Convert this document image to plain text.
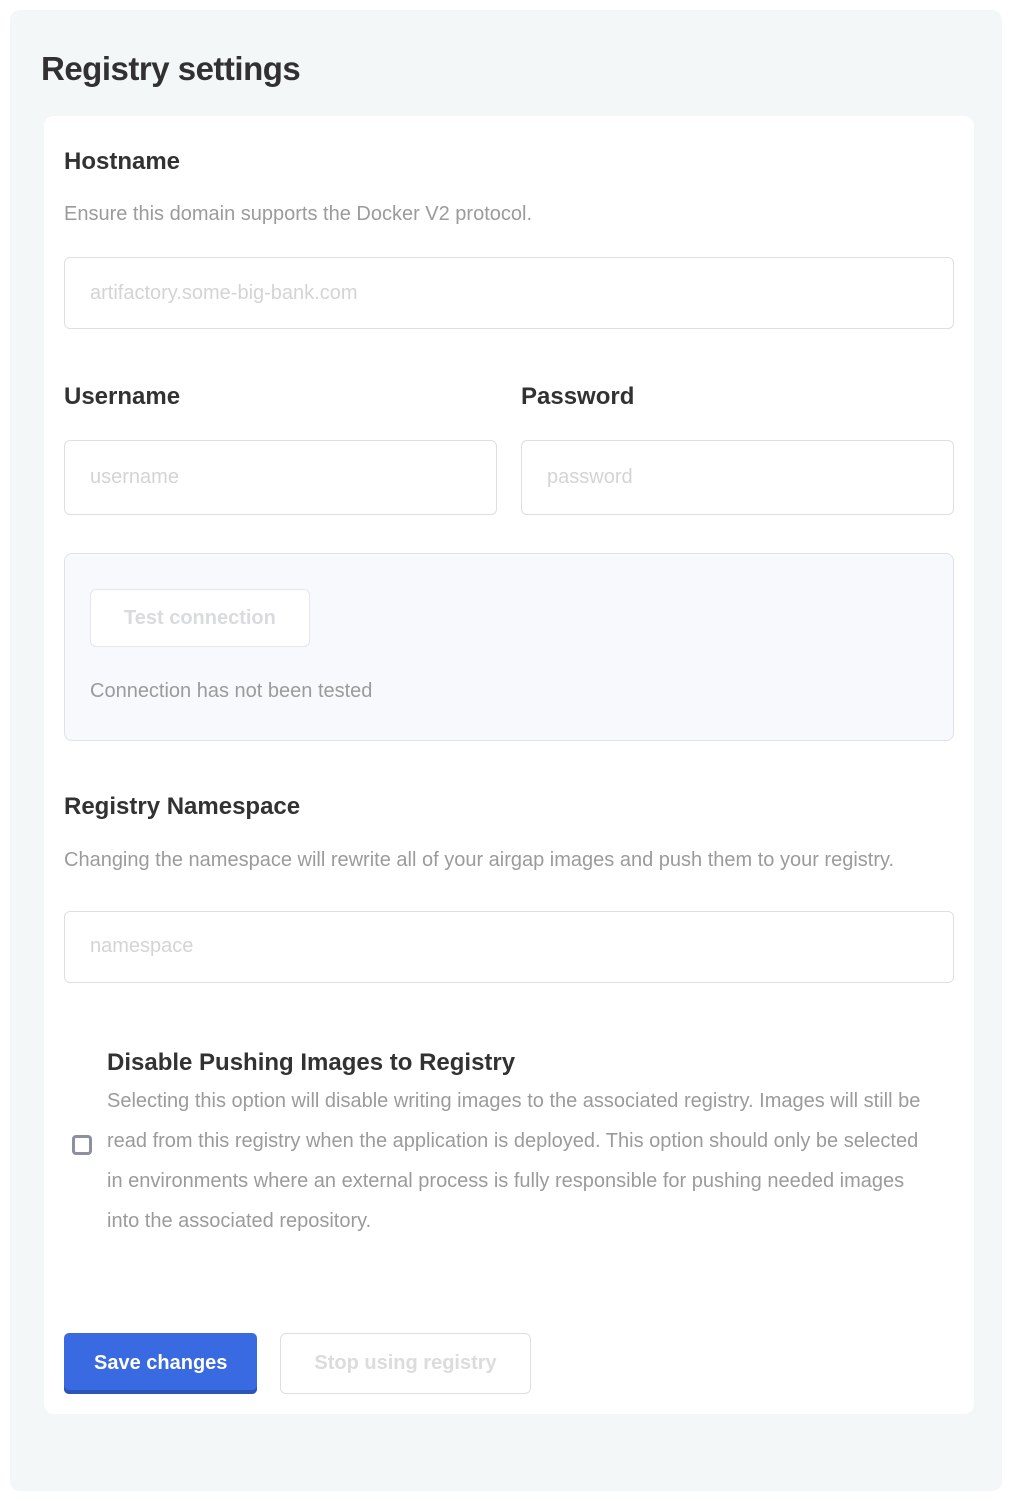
Registry settings
Hostname

Ensure this domain supports the Docker V2 protocol.

artifactory.some-big-bank.com
Username
username	Password
Test connection

Connection has not been tested

Registry Namespace

Changing the namespace will rewrite all of your airgap images and push them to your registry.

namespace
Disable Pushing Images to Registry

Selecting this option will disable writing images to the associated registry. Images will still be read from this registry when the application is deployed. This option should only be selected in environments where an external process is fully responsible for pushing needed images into the associated repository.

Save changes	Stop using registry
